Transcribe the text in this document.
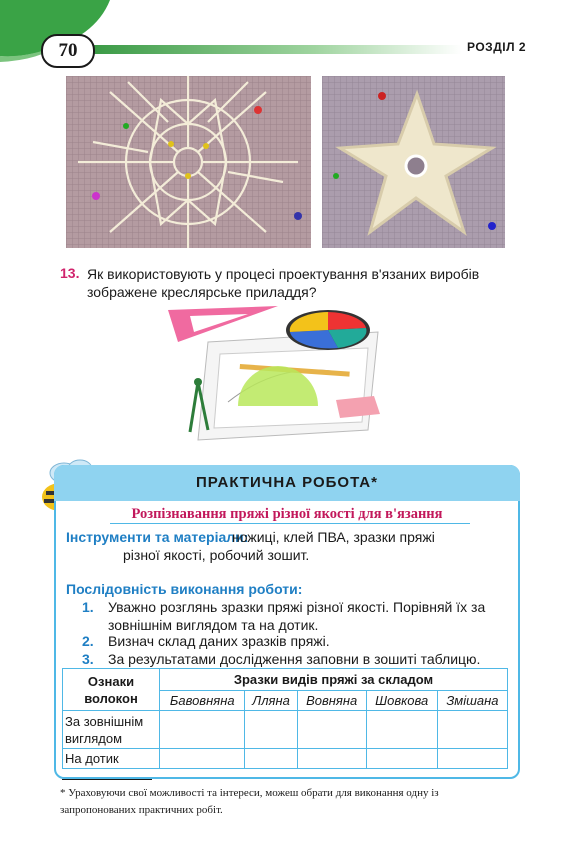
70	РОЗДІЛ 2
13. Як використовують у процесі проектування в'язаних виробів зображене креслярське приладдя?
ПРАКТИЧНА РОБОТА*
Розпізнавання пряжі різної якості для в'язання
Інструменти та матеріали:
ножиці, клей ПВА, зразки пряжі
різної якості, робочий зошит.
Послідовність виконання роботи:
1. Уважно розглянь зразки пряжі різної якості. Порівняй їх за
зовнішнім виглядом та на дотик.
2. Визнач склад даних зразків пряжі.
3. За результатами дослідження заповни в зошиті таблицю.
Ознаки волокон	Зразки видів пряжі за складом				
	Бавовняна	Лляна	Вовняна	Шовкова	Змішана
За зовнішнім виглядом					
На дотик					
* Ураховуючи свої можливості та інтереси, можеш обрати для виконання одну із запропонованих практичних робіт.
